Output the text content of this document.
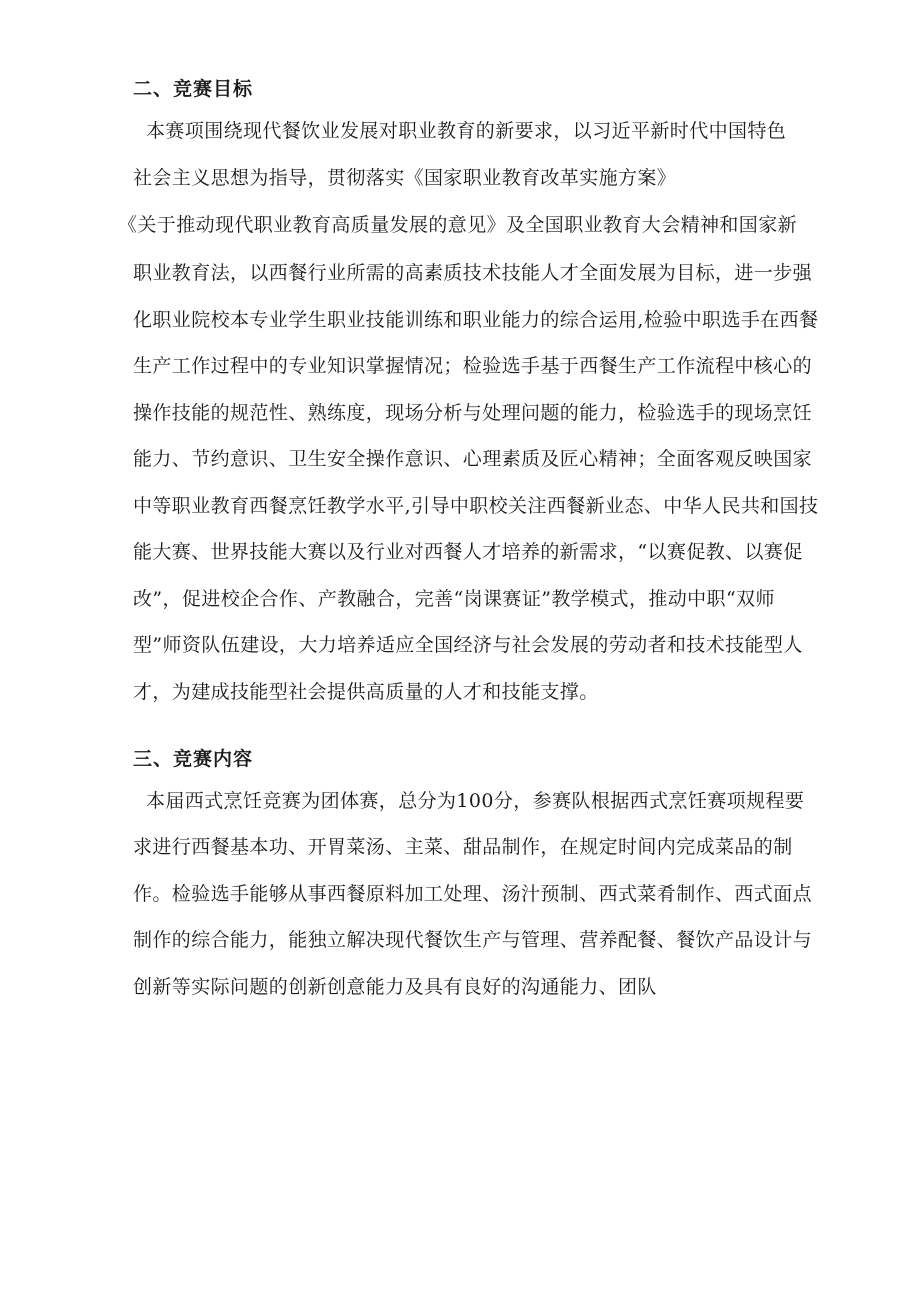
二、竞赛目标
本赛项围绕现代餐饮业发展对职业教育的新要求，以习近平新时代中国特色
社会主义思想为指导，贯彻落实《国家职业教育改革实施方案》
《关于推动现代职业教育高质量发展的意见》及全国职业教育大会精神和国家新
职业教育法，以西餐行业所需的高素质技术技能人才全面发展为目标，进一步强
化职业院校本专业学生职业技能训练和职业能力的综合运用,检验中职选手在西餐
生产工作过程中的专业知识掌握情况；检验选手基于西餐生产工作流程中核心的
操作技能的规范性、熟练度，现场分析与处理问题的能力，检验选手的现场烹饪
能力、节约意识、卫生安全操作意识、心理素质及匠心精神；全面客观反映国家
中等职业教育西餐烹饪教学水平,引导中职校关注西餐新业态、中华人民共和国技
能大赛、世界技能大赛以及行业对西餐人才培养的新需求，“以赛促教、以赛促
改”，促进校企合作、产教融合，完善“岗课赛证”教学模式，推动中职“双师
型”师资队伍建设，大力培养适应全国经济与社会发展的劳动者和技术技能型人
才，为建成技能型社会提供高质量的人才和技能支撑。
三、竞赛内容
本届西式烹饪竞赛为团体赛，总分为100分，参赛队根据西式烹饪赛项规程要
求进行西餐基本功、开胃菜汤、主菜、甜品制作，在规定时间内完成菜品的制
作。检验选手能够从事西餐原料加工处理、汤汁预制、西式菜肴制作、西式面点
制作的综合能力，能独立解决现代餐饮生产与管理、营养配餐、餐饮产品设计与
创新等实际问题的创新创意能力及具有良好的沟通能力、团队
